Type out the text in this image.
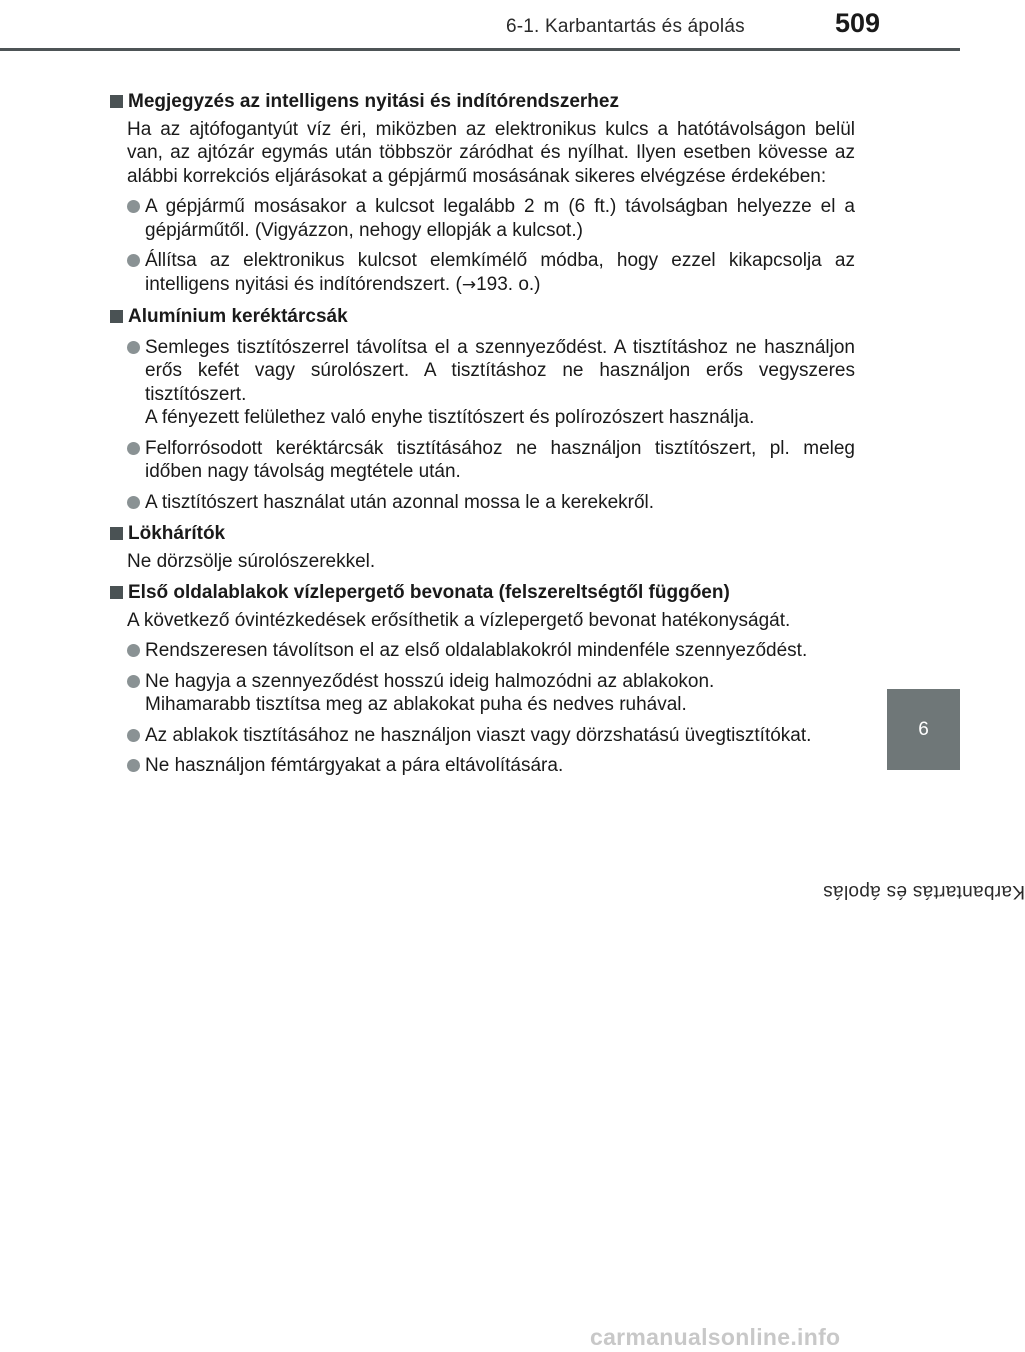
6-1. Karbantartás és ápolás	509
6
Karbantartás és ápolás
Megjegyzés az intelligens nyitási és indítórendszerhez
Ha az ajtófogantyút víz éri, miközben az elektronikus kulcs a hatótávolságon belül van, az ajtózár egymás után többször záródhat és nyílhat. Ilyen esetben kövesse az alábbi korrekciós eljárásokat a gépjármű mosásának sikeres elvégzése érdekében:
A gépjármű mosásakor a kulcsot legalább 2 m (6 ft.) távolságban helyezze el a gépjárműtől. (Vigyázzon, nehogy ellopják a kulcsot.)
Állítsa az elektronikus kulcsot elemkímélő módba, hogy ezzel kikapcsolja az intelligens nyitási és indítórendszert. (→193. o.)
Alumínium keréktárcsák
Semleges tisztítószerrel távolítsa el a szennyeződést. A tisztításhoz ne használjon erős kefét vagy súrolószert. A tisztításhoz ne használjon erős vegyszeres tisztítószert.
A fényezett felülethez való enyhe tisztítószert és polírozószert használja.
Felforrósodott keréktárcsák tisztításához ne használjon tisztítószert, pl. meleg időben nagy távolság megtétele után.
A tisztítószert használat után azonnal mossa le a kerekekről.
Lökhárítók
Ne dörzsölje súrolószerekkel.
Első oldalablakok vízlepergető bevonata (felszereltségtől függően)
A következő óvintézkedések erősíthetik a vízlepergető bevonat hatékonyságát.
Rendszeresen távolítson el az első oldalablakokról mindenféle szennyeződést.
Ne hagyja a szennyeződést hosszú ideig halmozódni az ablakokon.
Mihamarabb tisztítsa meg az ablakokat puha és nedves ruhával.
Az ablakok tisztításához ne használjon viaszt vagy dörzshatású üvegtisztítókat.
Ne használjon fémtárgyakat a pára eltávolítására.
carmanualsonline.info
